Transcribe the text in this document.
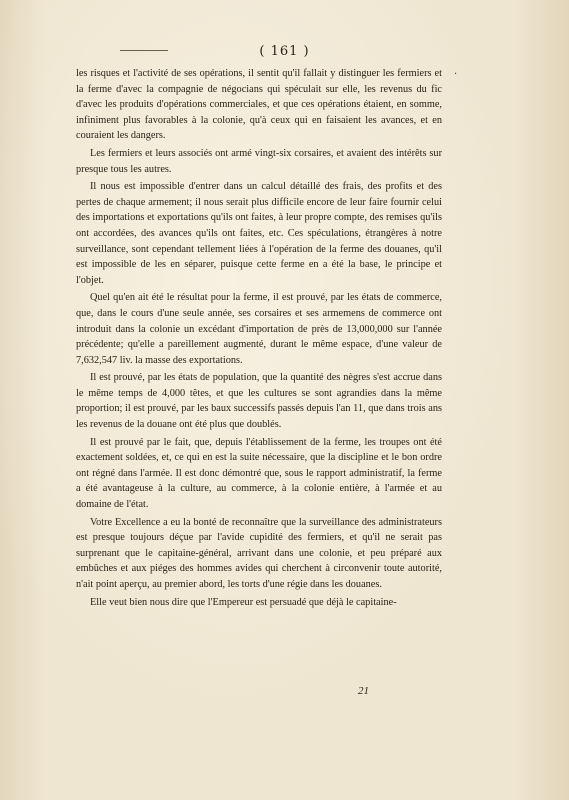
( 161 )
·

les risques et l'activité de ses opérations, il sentit qu'il fallait y distinguer les fermiers et la ferme d'avec la compagnie de négocians qui spéculait sur elle, les revenus du fic d'avec les produits d'opérations commerciales, et que ces opérations étaient, en somme, infiniment plus favorables à la colonie, qu'à ceux qui en faisaient les avances, et en couraient les dangers.

Les fermiers et leurs associés ont armé vingt-six corsaires, et avaient des intérêts sur presque tous les autres.

Il nous est impossible d'entrer dans un calcul détaillé des frais, des profits et des pertes de chaque armement; il nous serait plus difficile encore de leur faire fournir celui des importations et exportations qu'ils ont faites, à leur propre compte, des remises qu'ils ont accordées, des avances qu'ils ont faites, etc. Ces spéculations, étrangères à notre surveillance, sont cependant tellement liées à l'opération de la ferme des douanes, qu'il est impossible de les en séparer, puisque cette ferme en a été la base, le principe et l'objet.

Quel qu'en ait été le résultat pour la ferme, il est prouvé, par les états de commerce, que, dans le cours d'une seule année, ses corsaires et ses armemens de commerce ont introduit dans la colonie un excédant d'importation de près de 13,000,000 sur l'année précédente; qu'elle a pareillement augmenté, durant le même espace, d'une valeur de 7,632,547 liv. la masse des exportations.

Il est prouvé, par les états de population, que la quantité des nègres s'est accrue dans le même temps de 4,000 têtes, et que les cultures se sont agrandies dans la même proportion; il est prouvé, par les baux successifs passés depuis l'an 11, que dans trois ans les revenus de la douane ont été plus que doublés.

Il est prouvé par le fait, que, depuis l'établissement de la ferme, les troupes ont été exactement soldées, et, ce qui en est la suite nécessaire, que la discipline et le bon ordre ont régné dans l'armée. Il est donc démontré que, sous le rapport administratif, la ferme a été avantageuse à la culture, au commerce, à la colonie entière, à l'armée et au domaine de l'état.

Votre Excellence a eu la bonté de reconnaître que la surveillance des administrateurs est presque toujours déçue par l'avide cupidité des fermiers, et qu'il ne serait pas surprenant que le capitaine-général, arrivant dans une colonie, et peu préparé aux embûches et aux piéges des hommes avides qui cherchent à circonvenir toute autorité, n'ait point aperçu, au premier abord, les torts d'une régie dans les douanes.

Elle veut bien nous dire que l'Empereur est persuadé que déjà le capitaine-

21
